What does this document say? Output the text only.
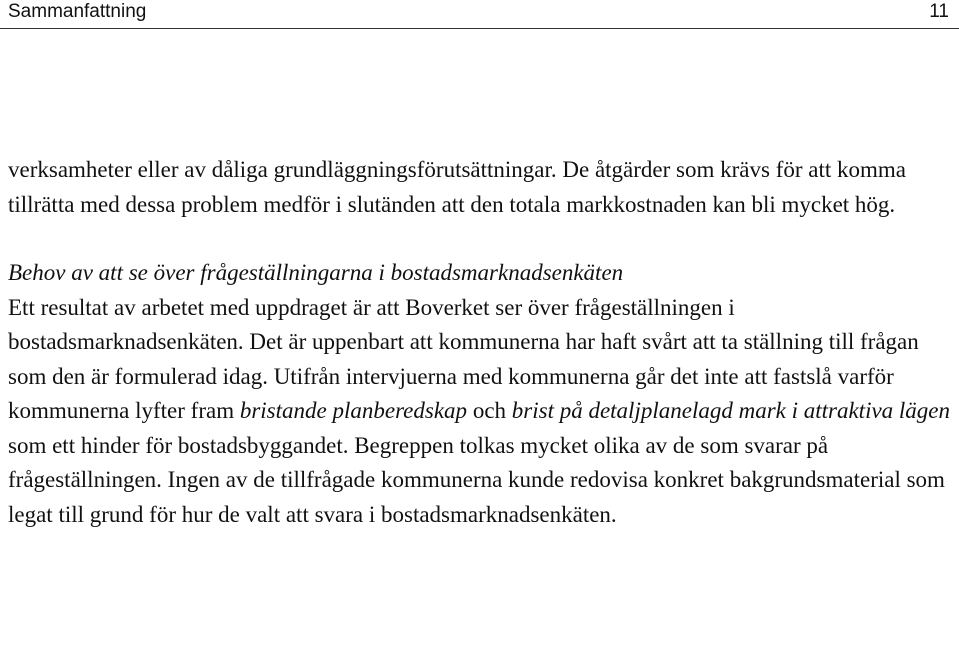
Sammanfattning	11

verksamheter eller av dåliga grundläggningsförutsättningar. De åtgärder som krävs för att komma tillrätta med dessa problem medför i slutänden att den totala markkostnaden kan bli mycket hög.

Behov av att se över frågeställningarna i bostadsmarknadsenkäten

Ett resultat av arbetet med uppdraget är att Boverket ser över frågeställningen i bostadsmarknadsenkäten. Det är uppenbart att kommunerna har haft svårt att ta ställning till frågan som den är formulerad idag. Utifrån intervjuerna med kommunerna går det inte att fastslå varför kommunerna lyfter fram bristande planberedskap och brist på detaljplanelagd mark i attraktiva lägen som ett hinder för bostadsbyggandet. Begreppen tolkas mycket olika av de som svarar på frågeställningen. Ingen av de tillfrågade kommunerna kunde redovisa konkret bakgrundsmaterial som legat till grund för hur de valt att svara i bostadsmarknadsenkäten.
